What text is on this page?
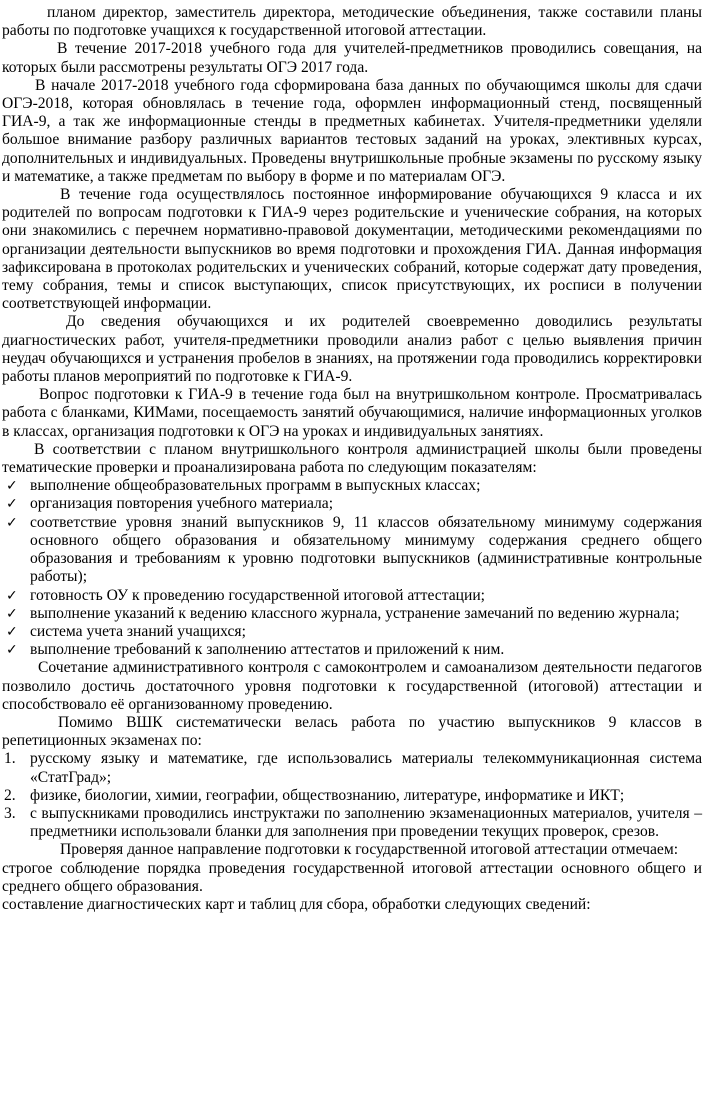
планом директор, заместитель директора, методические объединения, также составили планы работы по подготовке учащихся к государственной итоговой аттестации.

В течение 2017-2018 учебного года для учителей-предметников проводились совещания, на которых были рассмотрены результаты ОГЭ 2017 года.

В начале 2017-2018 учебного года сформирована база данных по обучающимся школы для сдачи ОГЭ-2018, которая обновлялась в течение года, оформлен информационный стенд, посвященный ГИА-9, а так же информационные стенды в предметных кабинетах. Учителя-предметники уделяли большое внимание разбору различных вариантов тестовых заданий на уроках, элективных курсах, дополнительных и индивидуальных. Проведены внутришкольные пробные экзамены по русскому языку и математике, а также предметам по выбору в форме и по материалам ОГЭ.

В течение года осуществлялось постоянное информирование обучающихся 9 класса и их родителей по вопросам подготовки к ГИА-9 через родительские и ученические собрания, на которых они знакомились с перечнем нормативно-правовой документации, методическими рекомендациями по организации деятельности выпускников во время подготовки и прохождения ГИА. Данная информация зафиксирована в протоколах родительских и ученических собраний, которые содержат дату проведения, тему собрания, темы и список выступающих, список присутствующих, их росписи в получении соответствующей информации.

До сведения обучающихся и их родителей своевременно доводились результаты диагностических работ, учителя-предметники проводили анализ работ с целью выявления причин неудач обучающихся и устранения пробелов в знаниях, на протяжении года проводились корректировки работы планов мероприятий по подготовке к ГИА-9.

Вопрос подготовки к ГИА-9 в течение года был на внутришкольном контроле. Просматривалась работа с бланками, КИМами, посещаемость занятий обучающимися, наличие информационных уголков в классах, организация подготовки к ОГЭ на уроках и индивидуальных занятиях.

В соответствии с планом внутришкольного контроля администрацией школы были проведены тематические проверки и проанализирована работа по следующим показателям:

✓ выполнение общеобразовательных программ в выпускных классах;
✓ организация повторения учебного материала;
✓ соответствие уровня знаний выпускников 9, 11 классов обязательному минимуму содержания основного общего образования и обязательному минимуму содержания среднего общего образования и требованиям к уровню подготовки выпускников (административные контрольные работы);
✓ готовность ОУ к проведению государственной итоговой аттестации;
✓ выполнение указаний к ведению классного журнала, устранение замечаний по ведению журнала;
✓ система учета знаний учащихся;
✓ выполнение требований к заполнению аттестатов и приложений к ним.

Сочетание административного контроля с самоконтролем и самоанализом деятельности педагогов позволило достичь достаточного уровня подготовки к государственной (итоговой) аттестации и способствовало её организованному проведению.

Помимо ВШК систематически велась работа по участию выпускников 9 классов в репетиционных экзаменах по:

1. русскому языку и математике, где использовались материалы телекоммуникационная система «СтатГрад»;
2. физике, биологии, химии, географии, обществознанию, литературе, информатике и ИКТ;
3. с выпускниками проводились инструктажи по заполнению экзаменационных материалов, учителя – предметники использовали бланки для заполнения при проведении текущих проверок, срезов.

Проверяя данное направление подготовки к государственной итоговой аттестации отмечаем:

строгое соблюдение порядка проведения государственной итоговой аттестации основного общего и среднего общего образования.

составление диагностических карт и таблиц для сбора, обработки следующих сведений:
